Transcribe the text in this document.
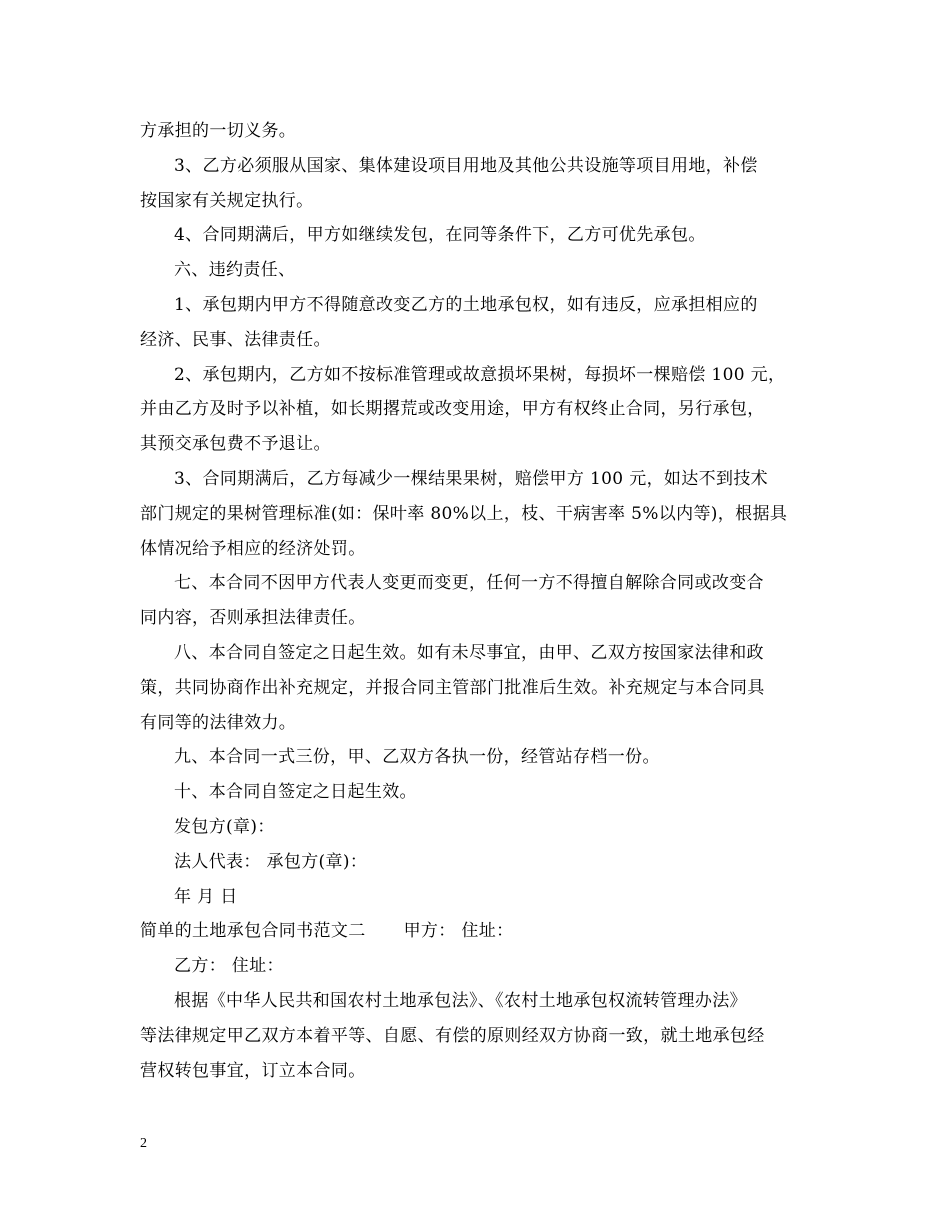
方承担的一切义务。
3、乙方必须服从国家、集体建设项目用地及其他公共设施等项目用地，补偿
按国家有关规定执行。
4、合同期满后，甲方如继续发包，在同等条件下，乙方可优先承包。
六、违约责任、
1、承包期内甲方不得随意改变乙方的土地承包权，如有违反，应承担相应的
经济、民事、法律责任。
2、承包期内，乙方如不按标准管理或故意损坏果树，每损坏一棵赔偿 100 元，
并由乙方及时予以补植，如长期撂荒或改变用途，甲方有权终止合同，另行承包，
其预交承包费不予退让。
3、合同期满后，乙方每减少一棵结果果树，赔偿甲方 100 元，如达不到技术
部门规定的果树管理标准(如：保叶率 80%以上，枝、干病害率 5%以内等)，根据具
体情况给予相应的经济处罚。
七、本合同不因甲方代表人变更而变更，任何一方不得擅自解除合同或改变合
同内容，否则承担法律责任。
八、本合同自签定之日起生效。如有未尽事宜，由甲、乙双方按国家法律和政
策，共同协商作出补充规定，并报合同主管部门批准后生效。补充规定与本合同具
有同等的法律效力。
九、本合同一式三份，甲、乙双方各执一份，经管站存档一份。
十、本合同自签定之日起生效。
发包方(章)：
法人代表： 承包方(章)：
年 月 日
简单的土地承包合同书范文二 甲方： 住址：
乙方： 住址：
根据《中华人民共和国农村土地承包法》、《农村土地承包权流转管理办法》
等法律规定甲乙双方本着平等、自愿、有偿的原则经双方协商一致，就土地承包经
营权转包事宜，订立本合同。
2
